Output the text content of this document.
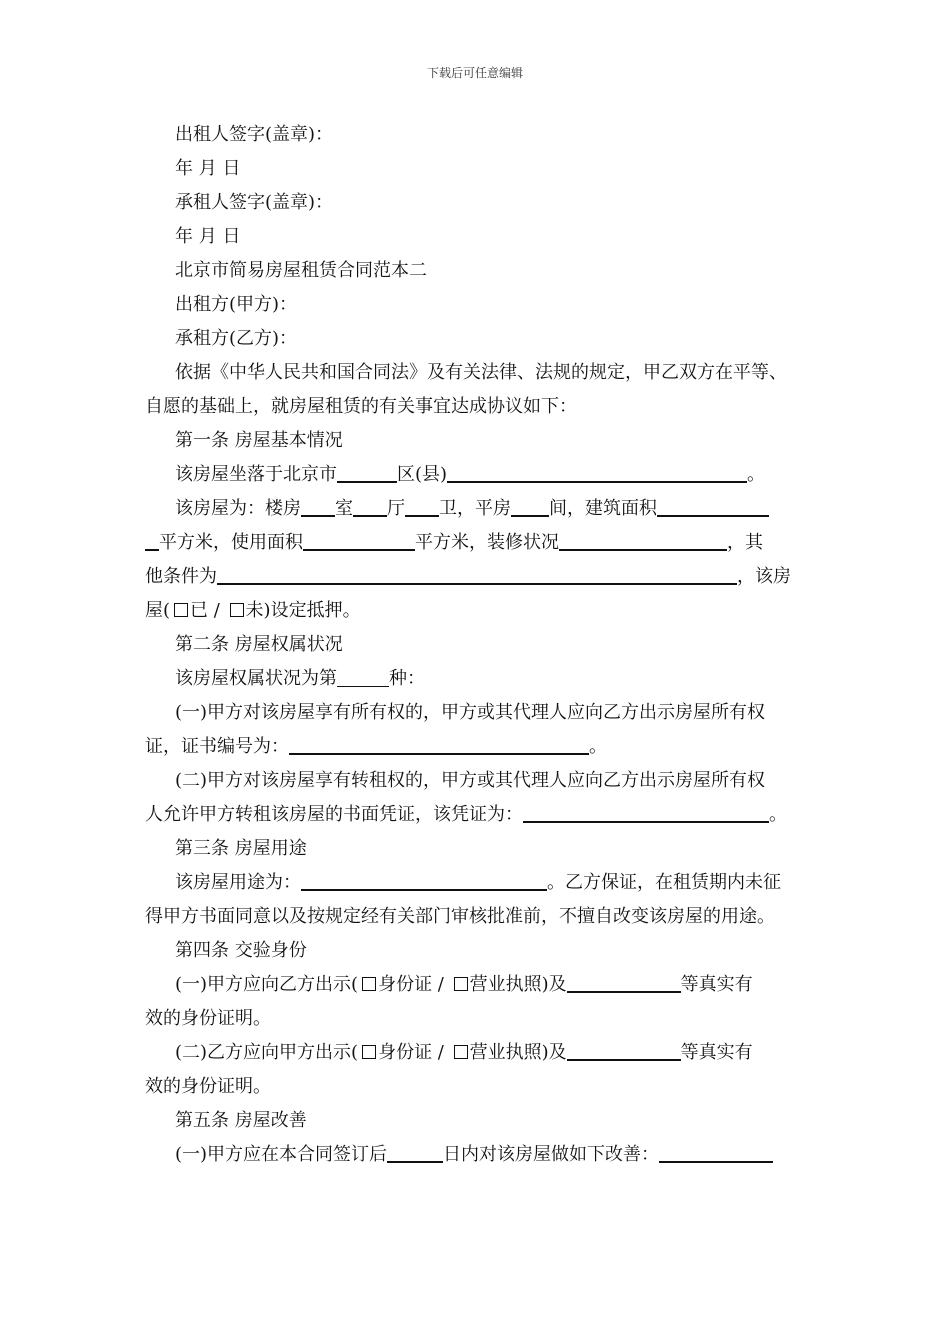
下载后可任意编辑
出租人签字(盖章)：
年 月 日
承租人签字(盖章)：
年 月 日
北京市简易房屋租赁合同范本二
出租方(甲方)：
承租方(乙方)：
依据《中华人民共和国合同法》及有关法律、法规的规定，甲乙双方在平等、
自愿的基础上，就房屋租赁的有关事宜达成协议如下：
第一条 房屋基本情况
该房屋坐落于北京市	区(县)	。
该房屋为：楼房 室 厅 卫，平房 间，建筑面积
平方米，使用面积	平方米，装修状况	，其
他条件为	，该房
屋( 已 / 未)设定抵押。
第二条 房屋权属状况
该房屋权属状况为第	种：
(一)甲方对该房屋享有所有权的，甲方或其代理人应向乙方出示房屋所有权
证，证书编号为：	。
(二)甲方对该房屋享有转租权的，甲方或其代理人应向乙方出示房屋所有权
人允许甲方转租该房屋的书面凭证，该凭证为：	。
第三条 房屋用途
该房屋用途为：	。乙方保证，在租赁期内未征
得甲方书面同意以及按规定经有关部门审核批准前，不擅自改变该房屋的用途。
第四条 交验身份
(一)甲方应向乙方出示( 身份证 / 营业执照)及	等真实有
效的身份证明。
(二)乙方应向甲方出示( 身份证 / 营业执照)及	等真实有
效的身份证明。
第五条 房屋改善
(一)甲方应在本合同签订后	日内对该房屋做如下改善：
